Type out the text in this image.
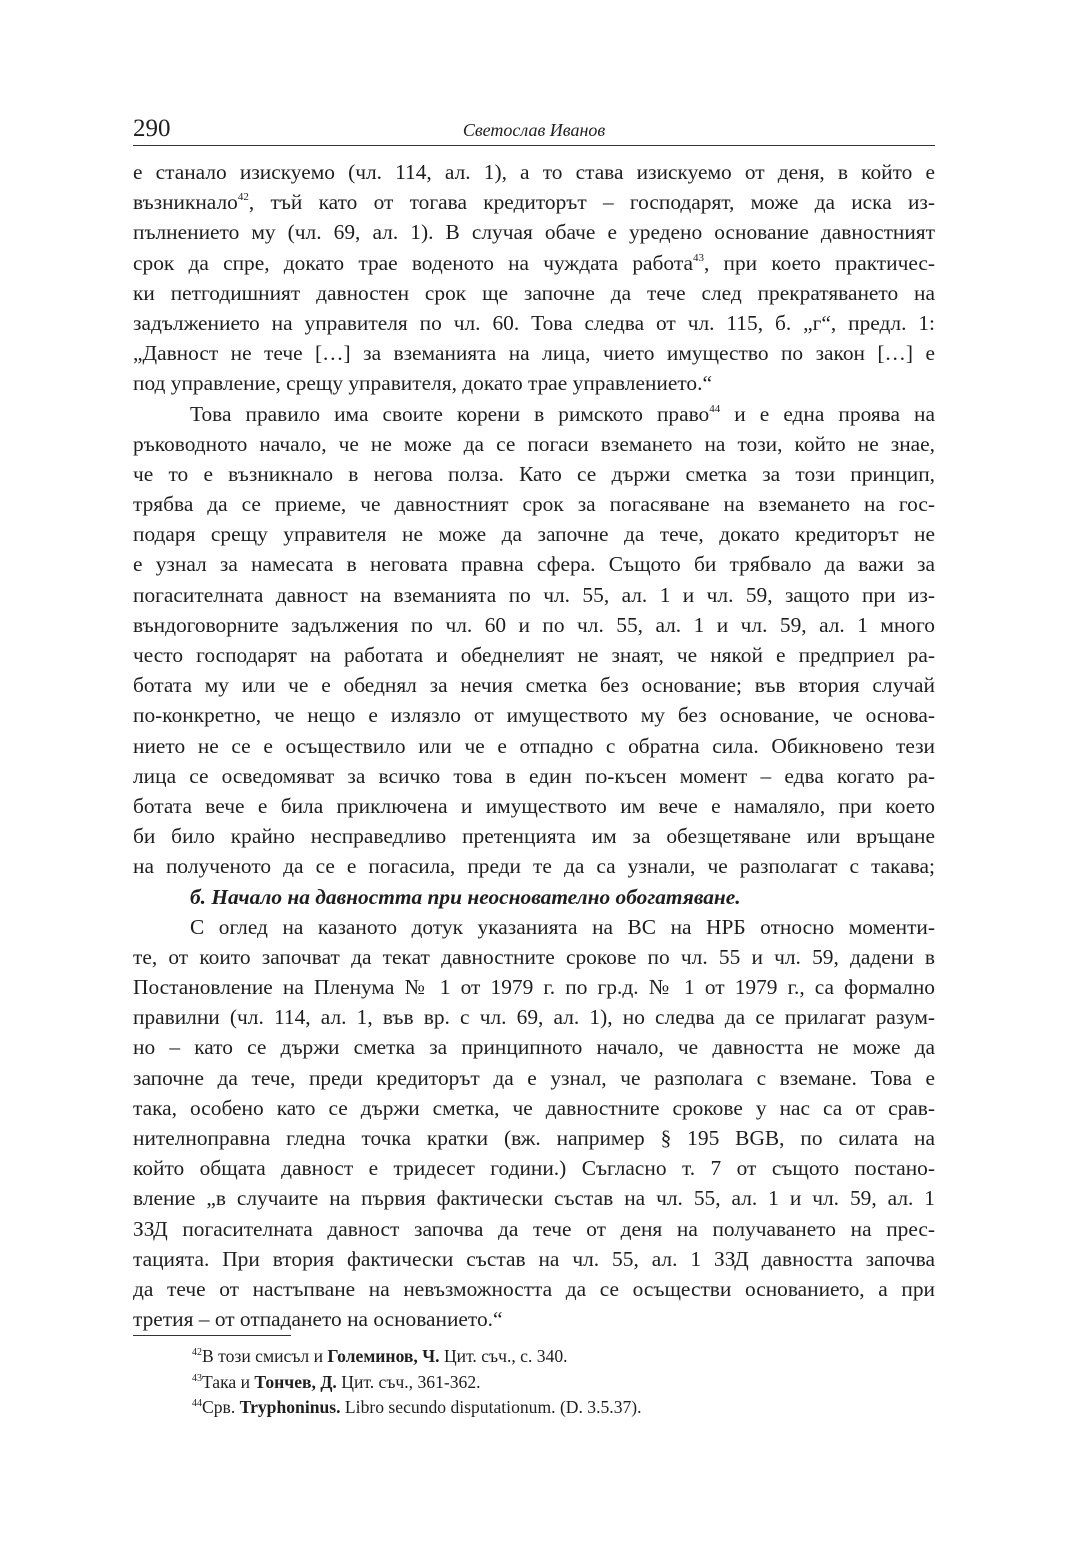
290	Светослав Иванов
е станало изискуемо (чл. 114, ал. 1), а то става изискуемо от деня, в който е
възникнало$^{42}$, тъй като от тогава кредиторът – господарят, може да иска из-
пълнението му (чл. 69, ал. 1). В случая обаче е уредено основание давностният
срок да спре, докато трае воденото на чуждата работа$^{43}$, при което практичес-
ки петгодишният давностен срок ще започне да тече след прекратяването на
задължението на управителя по чл. 60. Това следва от чл. 115, б. „г“, предл. 1:
„Давност не тече […] за вземанията на лица, чието имущество по закон […] е
под управление, срещу управителя, докато трае управлението.“
Това правило има своите корени в римското право$^{44}$ и е една проява на
ръководното начало, че не може да се погаси вземането на този, който не знае,
че то е възникнало в негова полза. Като се държи сметка за този принцип,
трябва да се приеме, че давностният срок за погасяване на вземането на гос-
подаря срещу управителя не може да започне да тече, докато кредиторът не
е узнал за намесата в неговата правна сфера. Същото би трябвало да важи за
погасителната давност на вземанията по чл. 55, ал. 1 и чл. 59, защото при из-
въндоговорните задължения по чл. 60 и по чл. 55, ал. 1 и чл. 59, ал. 1 много
често господарят на работата и обеднелият не знаят, че някой е предприел ра-
ботата му или че е обеднял за нечия сметка без основание; във втория случай
по-конкретно, че нещо е излязло от имуществото му без основание, че основа-
нието не се е осъществило или че е отпадно с обратна сила. Обикновено тези
лица се осведомяват за всичко това в един по-късен момент – едва когато ра-
ботата вече е била приключена и имуществото им вече е намаляло, при което
би било крайно несправедливо претенцията им за обезщетяване или връщане
на полученото да се е погасила, преди те да са узнали, че разполагат с такава;
б. Начало на давността при неоснователно обогатяване.
С оглед на казаното дотук указанията на ВС на НРБ относно моменти-
те, от които започват да текат давностните срокове по чл. 55 и чл. 59, дадени в
Постановление на Пленума № 1 от 1979 г. по гр.д. № 1 от 1979 г., са формално
правилни (чл. 114, ал. 1, във вр. с чл. 69, ал. 1), но следва да се прилагат разум-
но – като се държи сметка за принципното начало, че давността не може да
започне да тече, преди кредиторът да е узнал, че разполага с вземане. Това е
така, особено като се държи сметка, че давностните срокове у нас са от срав-
нителноправна гледна точка кратки (вж. например § 195 BGB, по силата на
който общата давност е тридесет години.) Съгласно т. 7 от същото постано-
вление „в случаите на първия фактически състав на чл. 55, ал. 1 и чл. 59, ал. 1
ЗЗД погасителната давност започва да тече от деня на получаването на прес-
тацията. При втория фактически състав на чл. 55, ал. 1 ЗЗД давността започва
да тече от настъпване на невъзможността да се осъществи основанието, а при
третия – от отпадането на основанието.“
$^{42}$В този смисъл и Големинов, Ч. Цит. съч., с. 340.
$^{43}$Така и Тончев, Д. Цит. съч., 361-362.
$^{44}$Срв. Tryphoninus. Libro secundo disputationum. (D. 3.5.37).
